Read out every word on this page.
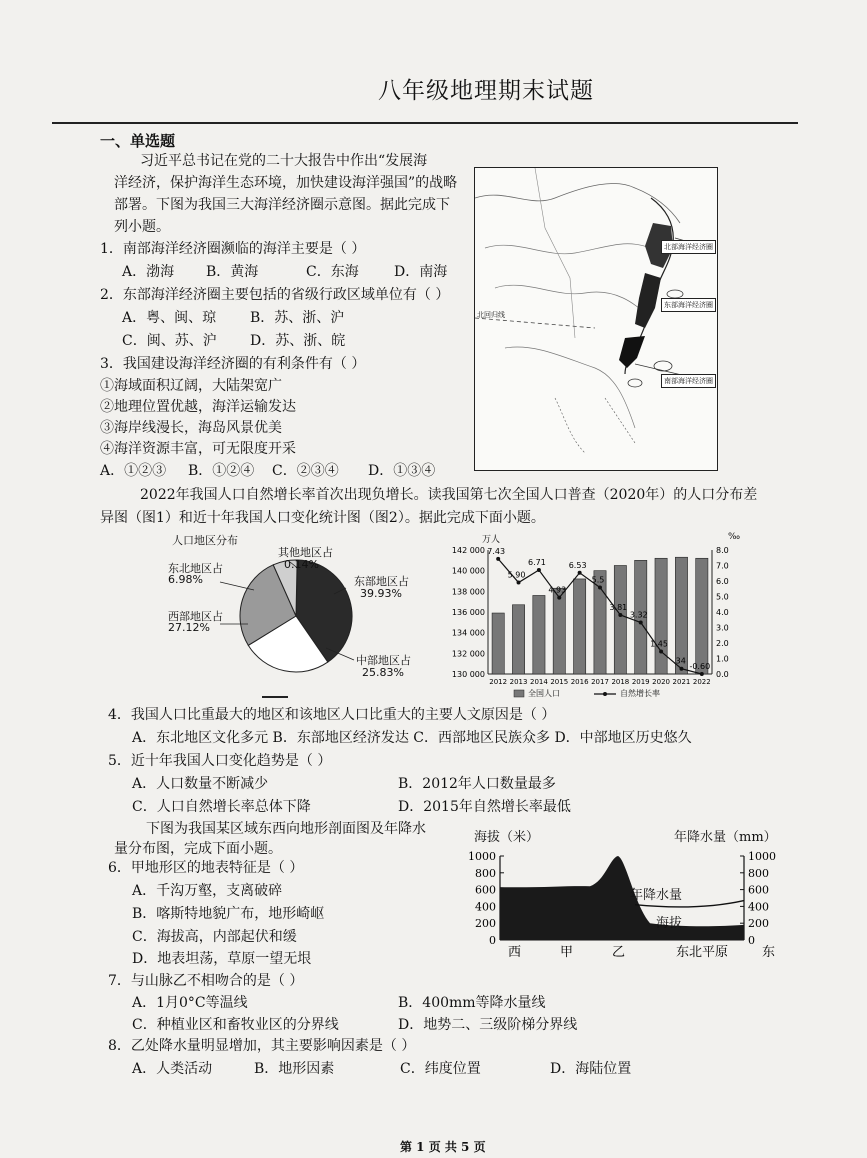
八年级地理期末试题
一、单选题
习近平总书记在党的二十大报告中作出“发展海
洋经济，保护海洋生态环境，加快建设海洋强国”的战略
部署。下图为我国三大海洋经济圈示意图。据此完成下
列小题。
1．南部海洋经济圈濒临的海洋主要是（ ）
A．渤海 B．黄海	C．东海	D．南海
2．东部海洋经济圈主要包括的省级行政区域单位有（ ）
A．粤、闽、琼 B．苏、浙、沪
C．闽、苏、沪 D．苏、浙、皖
3．我国建设海洋经济圈的有利条件有（ ）
①海域面积辽阔，大陆架宽广
②地理位置优越，海洋运输发达
③海岸线漫长，海岛风景优美
④海洋资源丰富，可无限度开采
A．①②③ B．①②④ C．②③④ D．①③④
北部海洋经济圈
东部海洋经济圈
南部海洋经济圈
北回归线
2022年我国人口自然增长率首次出现负增长。读我国第七次全国人口普查（2020年）的人口分布差
异图（图1）和近十年我国人口变化统计图（图2）。据此完成下面小题。
人口地区分布
其他地区占
0.14%
东北地区占
6.98%	东部地区占
39.93%
西部地区占
27.12%
中部地区占
25.83%
142 000
140 000
138 000
136 000
134 000
132 000
130 000
8.0
7.0
6.0
5.0
4.0
3.0
2.0
1.0
0.0
2012 2013 2014 2015 2016 2017 2018 2019 2020 2021 2022
7.43
5.90
6.71
4.93
6.53
5.5
3.81
3.32
1.45
.34
-0.60
万人	‰
全国人口	自然增长率
4．我国人口比重最大的地区和该地区人口比重大的主要人文原因是（ ）
A．东北地区文化多元 B．东部地区经济发达 C．西部地区民族众多 D．中部地区历史悠久
5．近十年我国人口变化趋势是（ ）
A．人口数量不断减少	B．2012年人口数量最多
C．人口自然增长率总体下降	D．2015年自然增长率最低
下图为我国某区域东西向地形剖面图及年降水
量分布图，完成下面小题。	1000	1000
800	800
600	600
400	400
200	200
0	0
西	甲	乙	东北平原	东
海拔（米）	年降水量（mm）
年降水量
海拔
6．甲地形区的地表特征是（ ）
A．千沟万壑，支离破碎
B．喀斯特地貌广布，地形崎岖
C．海拔高，内部起伏和缓
D．地表坦荡，草原一望无垠
7．与山脉乙不相吻合的是（ ）
A．1月0°C等温线	B．400mm等降水量线
C．种植业区和畜牧业区的分界线	D．地势二、三级阶梯分界线
8．乙处降水量明显增加，其主要影响因素是（ ）
A．人类活动	B．地形因素	C．纬度位置	D．海陆位置
第 1 页 共 5 页
